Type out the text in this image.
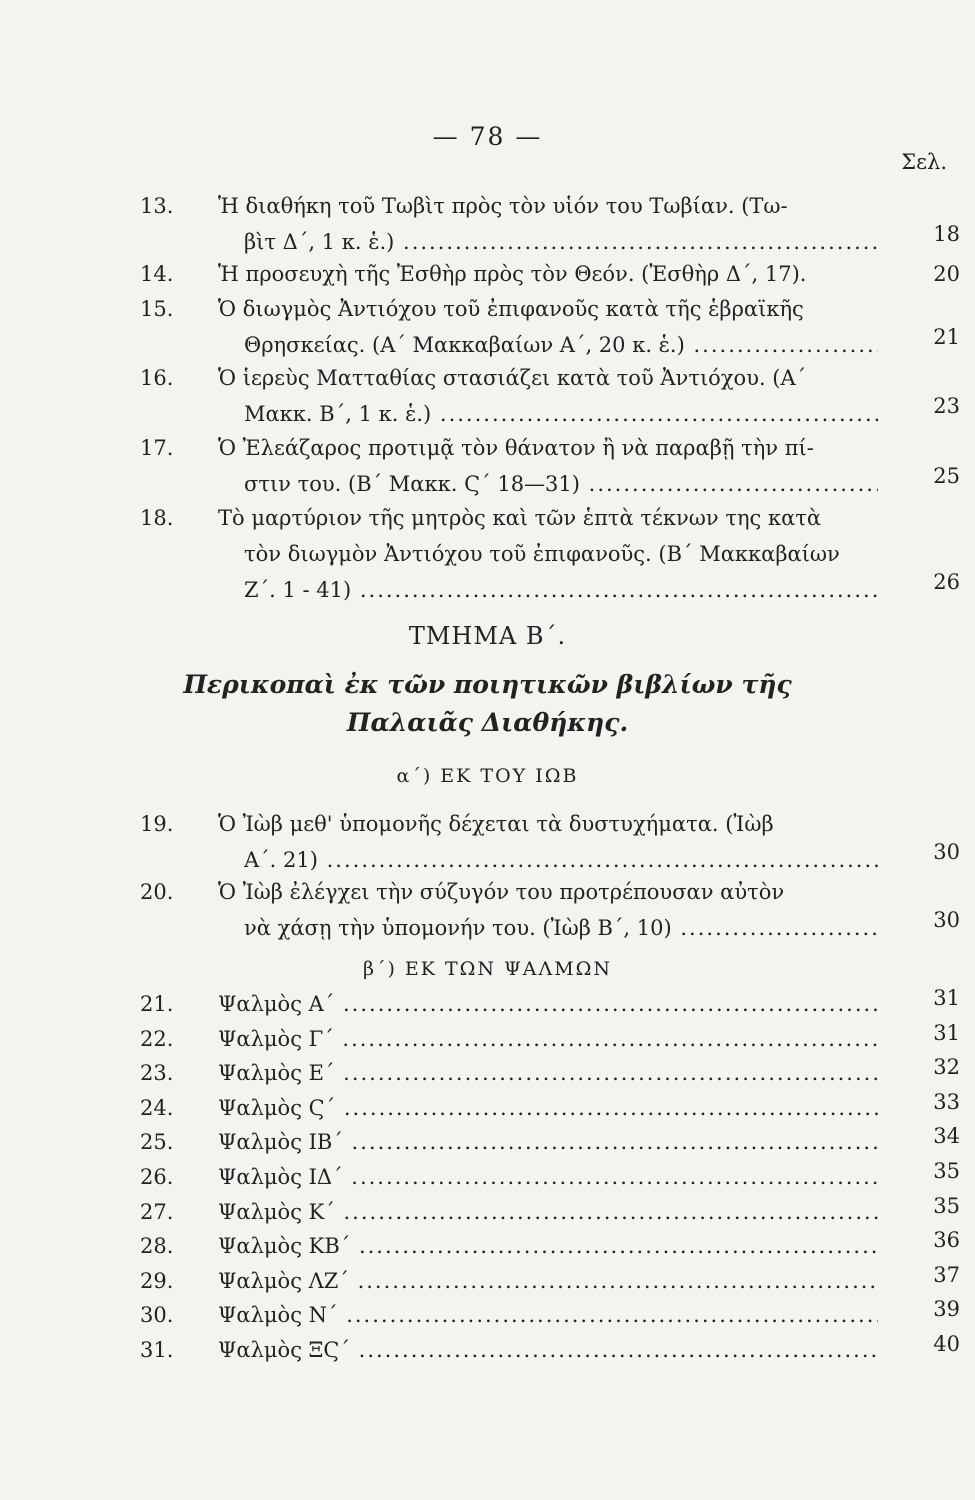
— 78 —
Σελ.
13. Ἡ διαθήκη τοῦ Τωβὶτ πρὸς τὸν υἱόν του Τωβίαν. (Τω-
βὶτ Δ΄, 1 κ. ἑ.) .....	18
14. Ἡ προσευχὴ τῆς Ἐσθὴρ πρὸς τὸν Θεόν. (Ἐσθὴρ Δ΄, 17).	20
15. Ὁ διωγμὸς Ἀντιόχου τοῦ ἐπιφανοῦς κατὰ τῆς ἑβραϊκῆς
Θρησκείας. (Α΄ Μακκαβαίων Α΄, 20 κ. ἑ.) .....	21
16. Ὁ ἱερεὺς Ματταθίας στασιάζει κατὰ τοῦ Ἀντιόχου. (Α΄
Μακκ. Β΄, 1 κ. ἑ.) .....	23
17. Ὁ Ἐλεάζαρος προτιμᾷ τὸν θάνατον ἢ νὰ παραβῇ τὴν πί-
στιν του. (Β΄ Μακκ. Ϛ΄ 18—31) .....	25
18. Τὸ μαρτύριον τῆς μητρὸς καὶ τῶν ἑπτὰ τέκνων της κατὰ
τὸν διωγμὸν Ἀντιόχου τοῦ ἐπιφανοῦς. (Β΄ Μακκαβαίων
Ζ΄. 1 - 41) .....	26
ΤΜΗΜΑ Β΄.
Περικοπαὶ ἐκ τῶν ποιητικῶν βιβλίων τῆς
Παλαιᾶς Διαθήκης.
α΄) ΕΚ ΤΟΥ ΙΩΒ
19. Ὁ Ἰὼβ μεθ' ὑπομονῆς δέχεται τὰ δυστυχήματα. (Ἰὼβ
Α΄. 21) .....	30
20. Ὁ Ἰὼβ ἐλέγχει τὴν σύζυγόν του προτρέπουσαν αὐτὸν
νὰ χάσῃ τὴν ὑπομονήν του. (Ἰὼβ Β΄, 10) .....	30
β΄) ΕΚ ΤΩΝ ΨΑΛΜΩΝ
21. Ψαλμὸς Α΄ .....	31
22. Ψαλμὸς Γ΄ .....	31
23. Ψαλμὸς Ε΄ .....	32
24. Ψαλμὸς Ϛ΄ .....	33
25. Ψαλμὸς ΙΒ΄ .....	34
26. Ψαλμὸς ΙΔ΄ .....	35
27. Ψαλμὸς Κ΄ .....	35
28. Ψαλμὸς ΚΒ΄ .....	36
29. Ψαλμὸς ΛΖ΄ .....	37
30. Ψαλμὸς Ν΄ .....	39
31. Ψαλμὸς ΞϚ΄ .....	40
